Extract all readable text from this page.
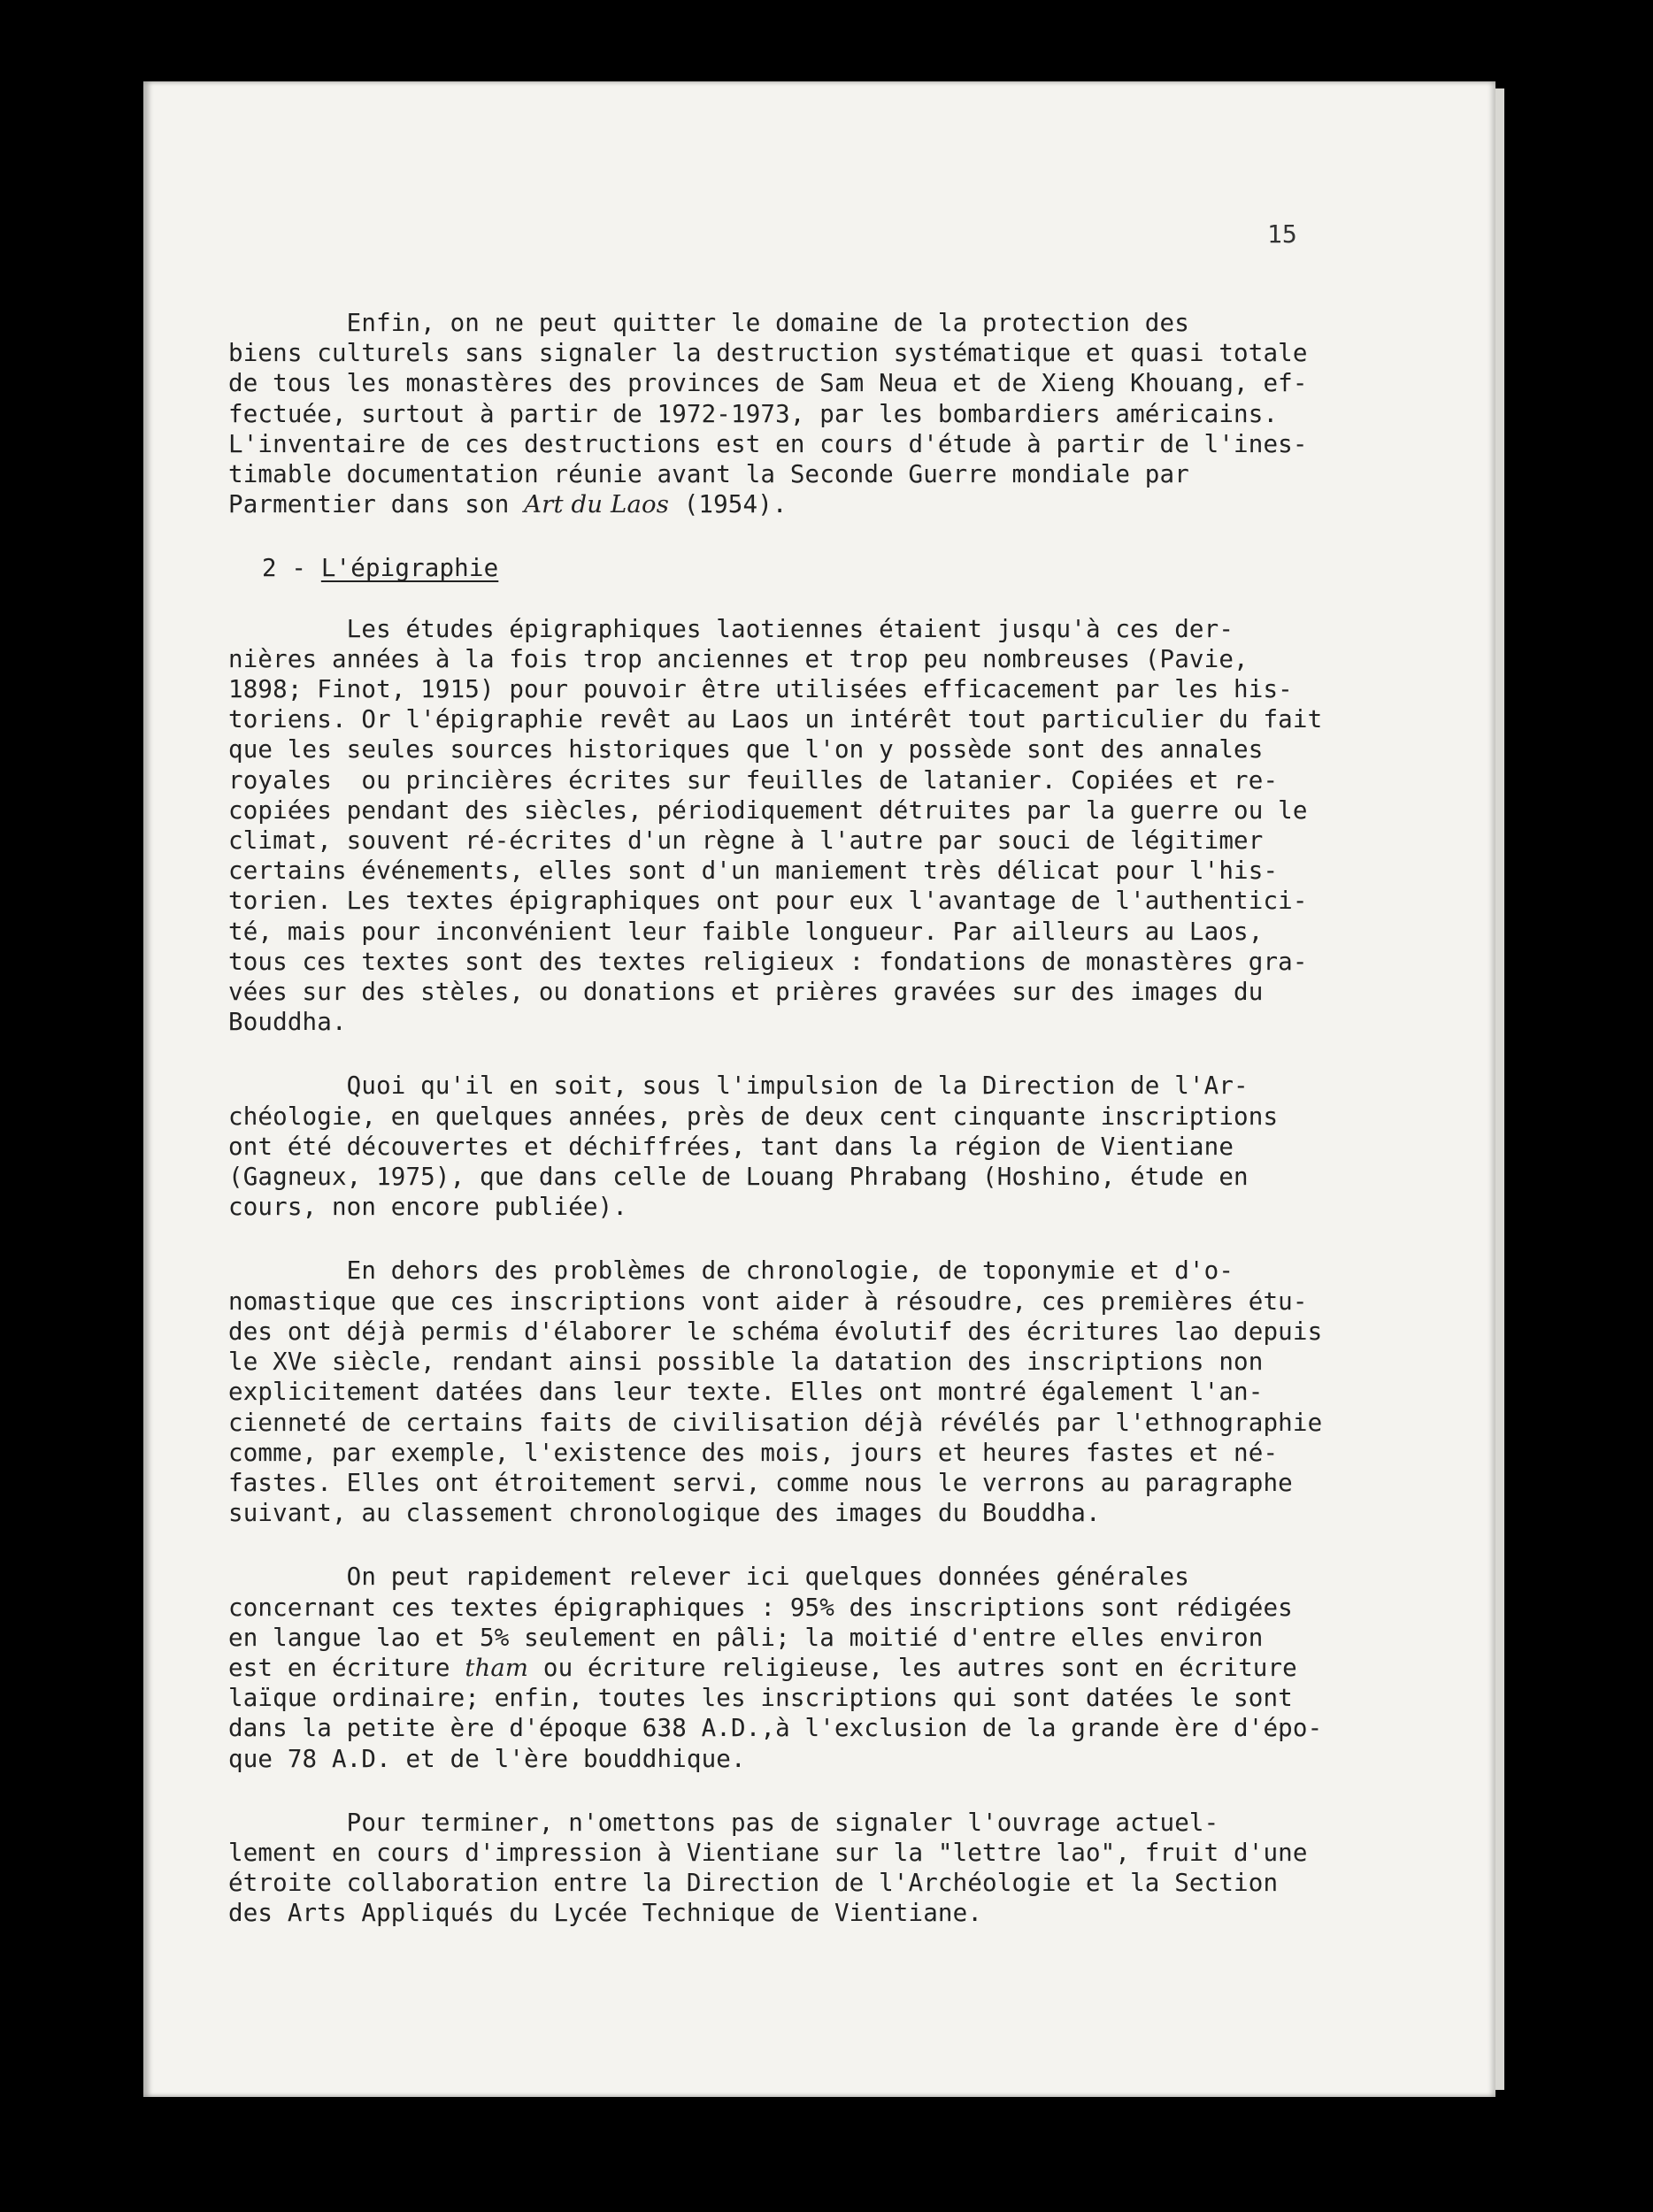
15

Enfin, on ne peut quitter le domaine de la protection des
biens culturels sans signaler la destruction systématique et quasi totale
de tous les monastères des provinces de Sam Neua et de Xieng Khouang, ef-
fectuée, surtout à partir de 1972-1973, par les bombardiers américains.
L'inventaire de ces destructions est en cours d'étude à partir de l'ines-
timable documentation réunie avant la Seconde Guerre mondiale par
Parmentier dans son Art du Laos (1954).

2 - L'épigraphie

Les études épigraphiques laotiennes étaient jusqu'à ces der-
nières années à la fois trop anciennes et trop peu nombreuses (Pavie,
1898; Finot, 1915) pour pouvoir être utilisées efficacement par les his-
toriens. Or l'épigraphie revêt au Laos un intérêt tout particulier du fait
que les seules sources historiques que l'on y possède sont des annales
royales  ou princières écrites sur feuilles de latanier. Copiées et re-
copiées pendant des siècles, périodiquement détruites par la guerre ou le
climat, souvent ré-écrites d'un règne à l'autre par souci de légitimer
certains événements, elles sont d'un maniement très délicat pour l'his-
torien. Les textes épigraphiques ont pour eux l'avantage de l'authentici-
té, mais pour inconvénient leur faible longueur. Par ailleurs au Laos,
tous ces textes sont des textes religieux : fondations de monastères gra-
vées sur des stèles, ou donations et prières gravées sur des images du
Bouddha.

Quoi qu'il en soit, sous l'impulsion de la Direction de l'Ar-
chéologie, en quelques années, près de deux cent cinquante inscriptions
ont été découvertes et déchiffrées, tant dans la région de Vientiane
(Gagneux, 1975), que dans celle de Louang Phrabang (Hoshino, étude en
cours, non encore publiée).

En dehors des problèmes de chronologie, de toponymie et d'o-
nomastique que ces inscriptions vont aider à résoudre, ces premières étu-
des ont déjà permis d'élaborer le schéma évolutif des écritures lao depuis
le XVe siècle, rendant ainsi possible la datation des inscriptions non
explicitement datées dans leur texte. Elles ont montré également l'an-
cienneté de certains faits de civilisation déjà révélés par l'ethnographie
comme, par exemple, l'existence des mois, jours et heures fastes et né-
fastes. Elles ont étroitement servi, comme nous le verrons au paragraphe
suivant, au classement chronologique des images du Bouddha.

On peut rapidement relever ici quelques données générales
concernant ces textes épigraphiques : 95% des inscriptions sont rédigées
en langue lao et 5% seulement en pâli; la moitié d'entre elles environ
est en écriture tham ou écriture religieuse, les autres sont en écriture
laïque ordinaire; enfin, toutes les inscriptions qui sont datées le sont
dans la petite ère d'époque 638 A.D.,à l'exclusion de la grande ère d'épo-
que 78 A.D. et de l'ère bouddhique.

Pour terminer, n'omettons pas de signaler l'ouvrage actuel-
lement en cours d'impression à Vientiane sur la "lettre lao", fruit d'une
étroite collaboration entre la Direction de l'Archéologie et la Section
des Arts Appliqués du Lycée Technique de Vientiane.
